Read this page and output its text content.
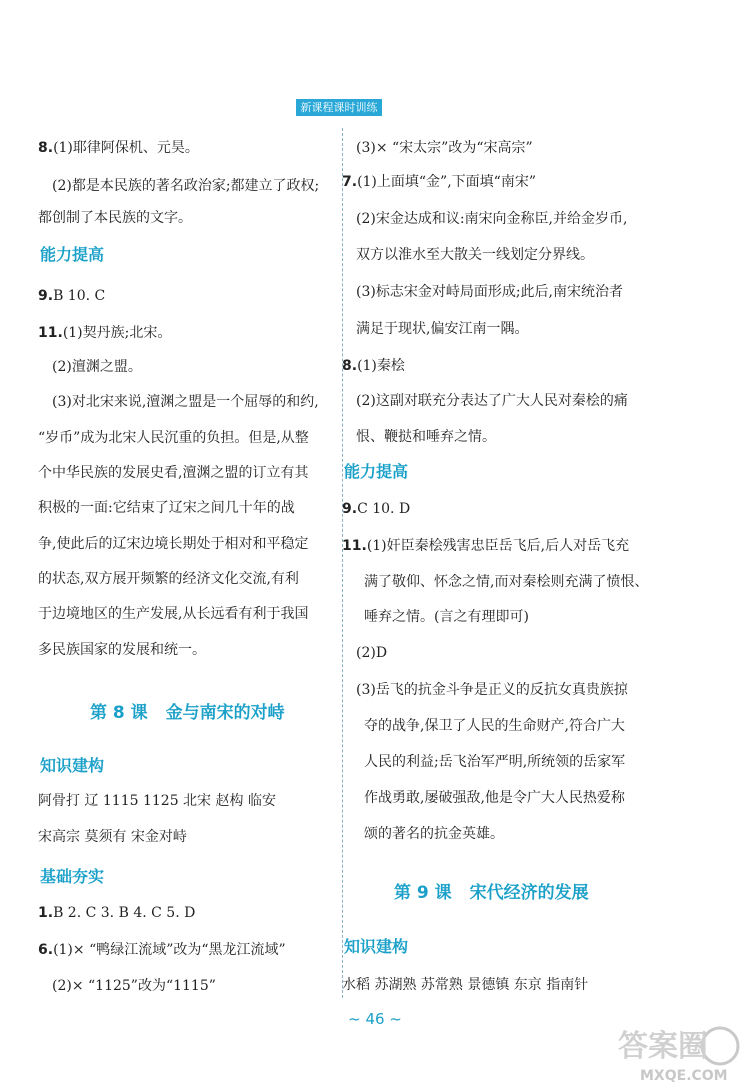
新课程课时训练
8.(1)耶律阿保机、元昊。
(2)都是本民族的著名政治家;都建立了政权;
都创制了本民族的文字。
能力提高
9.B 10. C
11.(1)契丹族;北宋。
(2)澶渊之盟。
(3)对北宋来说,澶渊之盟是一个屈辱的和约,
“岁币”成为北宋人民沉重的负担。但是,从整
个中华民族的发展史看,澶渊之盟的订立有其
积极的一面:它结束了辽宋之间几十年的战
争,使此后的辽宋边境长期处于相对和平稳定
的状态,双方展开频繁的经济文化交流,有利
于边境地区的生产发展,从长远看有利于我国
多民族国家的发展和统一。
第 8 课 金与南宋的对峙
知识建构
阿骨打 辽 1115 1125 北宋 赵构 临安
宋高宗 莫须有 宋金对峙
基础夯实
1.B 2. C 3. B 4. C 5. D
6.(1)× “鸭绿江流域”改为“黑龙江流域”
(2)× “1125”改为“1115”
(3)× “宋太宗”改为“宋高宗”
7.(1)上面填“金”,下面填“南宋”
(2)宋金达成和议:南宋向金称臣,并给金岁币,
双方以淮水至大散关一线划定分界线。
(3)标志宋金对峙局面形成;此后,南宋统治者
满足于现状,偏安江南一隅。
8.(1)秦桧
(2)这副对联充分表达了广大人民对秦桧的痛
恨、鞭挞和唾弃之情。
能力提高
9.C 10. D
11.(1)奸臣秦桧残害忠臣岳飞后,后人对岳飞充
满了敬仰、怀念之情,而对秦桧则充满了愤恨、
唾弃之情。(言之有理即可)
(2)D
(3)岳飞的抗金斗争是正义的反抗女真贵族掠
夺的战争,保卫了人民的生命财产,符合广大
人民的利益;岳飞治军严明,所统领的岳家军
作战勇敢,屡破强敌,他是令广大人民热爱称
颂的著名的抗金英雄。
第 9 课 宋代经济的发展
知识建构
水稻 苏湖熟 苏常熟 景德镇 东京 指南针
~ 46 ~
答案圈
MXQE.COM
